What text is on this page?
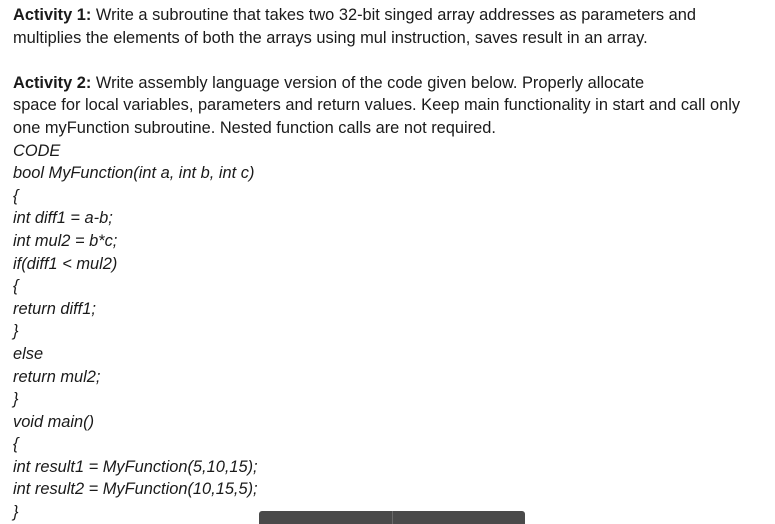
Activity 1: Write a subroutine that takes two 32-bit singed array addresses as parameters and
multiplies the elements of both the arrays using mul instruction, saves result in an array.
Activity 2: Write assembly language version of the code given below. Properly allocate
space for local variables, parameters and return values. Keep main functionality in start and call only
one myFunction subroutine. Nested function calls are not required.
CODE
bool MyFunction(int a, int b, int c)
{
int diff1 = a-b;
int mul2 = b*c;
if(diff1 < mul2)
{
return diff1;
}
else
return mul2;
}
void main()
{
int result1 = MyFunction(5,10,15);
int result2 = MyFunction(10,15,5);
}
